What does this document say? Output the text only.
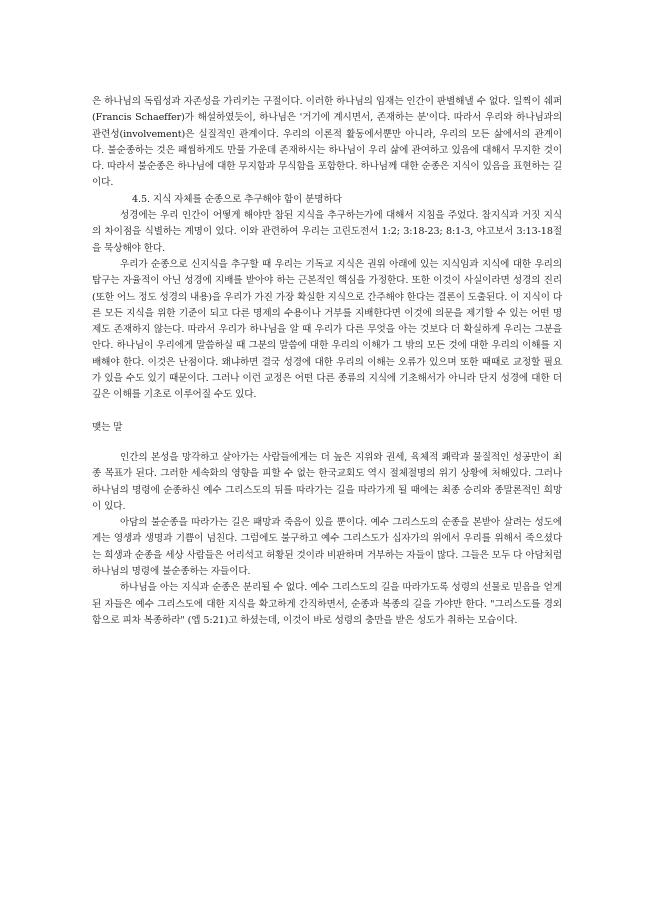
은 하나님의 독립성과 자존성을 가리키는 구절이다. 이러한 하나님의 임재는 인간이 판별해낼 수 없다. 일찍이 쉐퍼(Francis Schaeffer)가 해설하였듯이, 하나님은 '거기에 계시면서, 존재하는 분'이다. 따라서 우리와 하나님과의 관련성(involvement)은 실질적인 관계이다. 우리의 이론적 활동에서뿐만 아니라, 우리의 모든 삶에서의 관계이다. 불순종하는 것은 패씸하게도 만물 가운데 존재하시는 하나님이 우리 삶에 관여하고 있음에 대해서 무지한 것이다. 따라서 불순종은 하나님에 대한 무지함과 무식함을 포함한다. 하나님께 대한 순종은 지식이 있음을 표현하는 길이다.

4.5. 지식 자체를 순종으로 추구해야 함이 분명하다

성경에는 우리 인간이 어떻게 해야만 참된 지식을 추구하는가에 대해서 지침을 주었다. 참지식과 거짓 지식의 차이점을 식별하는 계명이 있다. 이와 관련하여 우리는 고린도전서 1:2; 3:18-23; 8:1-3, 야고보서 3:13-18절을 묵상해야 한다.

우리가 순종으로 신지식을 추구할 때 우리는 기독교 지식은 권위 아래에 있는 지식임과 지식에 대한 우리의 탐구는 자율적이 아닌 성경에 지배를 받아야 하는 근본적인 핵심을 가정한다. 또한 이것이 사실이라면 성경의 진리(또한 어느 정도 성경의 내용)을 우리가 가진 가장 확실한 지식으로 간주해야 한다는 결론이 도출된다. 이 지식이 다른 모든 지식을 위한 기준이 되고 다른 명제의 수용이나 거부를 지배한다면 이것에 의문을 제기할 수 있는 어떤 명제도 존재하지 않는다. 따라서 우리가 하나님을 알 때 우리가 다른 무엇을 아는 것보다 더 확실하게 우리는 그분을 안다. 하나님이 우리에게 말씀하실 때 그분의 말씀에 대한 우리의 이해가 그 밖의 모든 것에 대한 우리의 이해를 지배해야 한다. 이것은 난점이다. 왜냐하면 결국 성경에 대한 우리의 이해는 오류가 있으며 또한 때때로 교정할 필요가 있을 수도 있기 때문이다. 그러나 이런 교정은 어떤 다른 종류의 지식에 기초해서가 아니라 단지 성경에 대한 더 깊은 이해를 기초로 이루어질 수도 있다.

맺는 말

인간의 본성을 망각하고 살아가는 사람들에게는 더 높은 지위와 권세, 육체적 쾌락과 물질적인 성공만이 최종 목표가 된다. 그러한 세속화의 영향을 피할 수 없는 한국교회도 역시 절체절명의 위기 상황에 처해있다. 그러나 하나님의 명령에 순종하신 예수 그리스도의 뒤를 따라가는 길을 따라가게 될 때에는 최종 승리와 종말론적인 희망이 있다.

아담의 불순종을 따라가는 길은 패망과 죽음이 있을 뿐이다. 예수 그리스도의 순종을 본받아 살려는 성도에게는 영생과 생명과 기쁨이 넘친다. 그럼에도 불구하고 예수 그리스도가 십자가의 위에서 우리를 위해서 죽으셨다는 희생과 순종을 세상 사람들은 어리석고 허황된 것이라 비판하며 거부하는 자들이 많다. 그들은 모두 다 아담처럼 하나님의 명령에 불순종하는 자들이다.

하나님을 아는 지식과 순종은 분리될 수 없다. 예수 그리스도의 길을 따라가도록 성령의 선물로 믿음을 얻게 된 자들은 예수 그리스도에 대한 지식을 확고하게 간직하면서, 순종과 복종의 길을 가야만 한다. "그리스도를 경외함으로 피차 복종하라" (엡 5:21)고 하셨는데, 이것이 바로 성령의 충만을 받은 성도가 취하는 모습이다.
